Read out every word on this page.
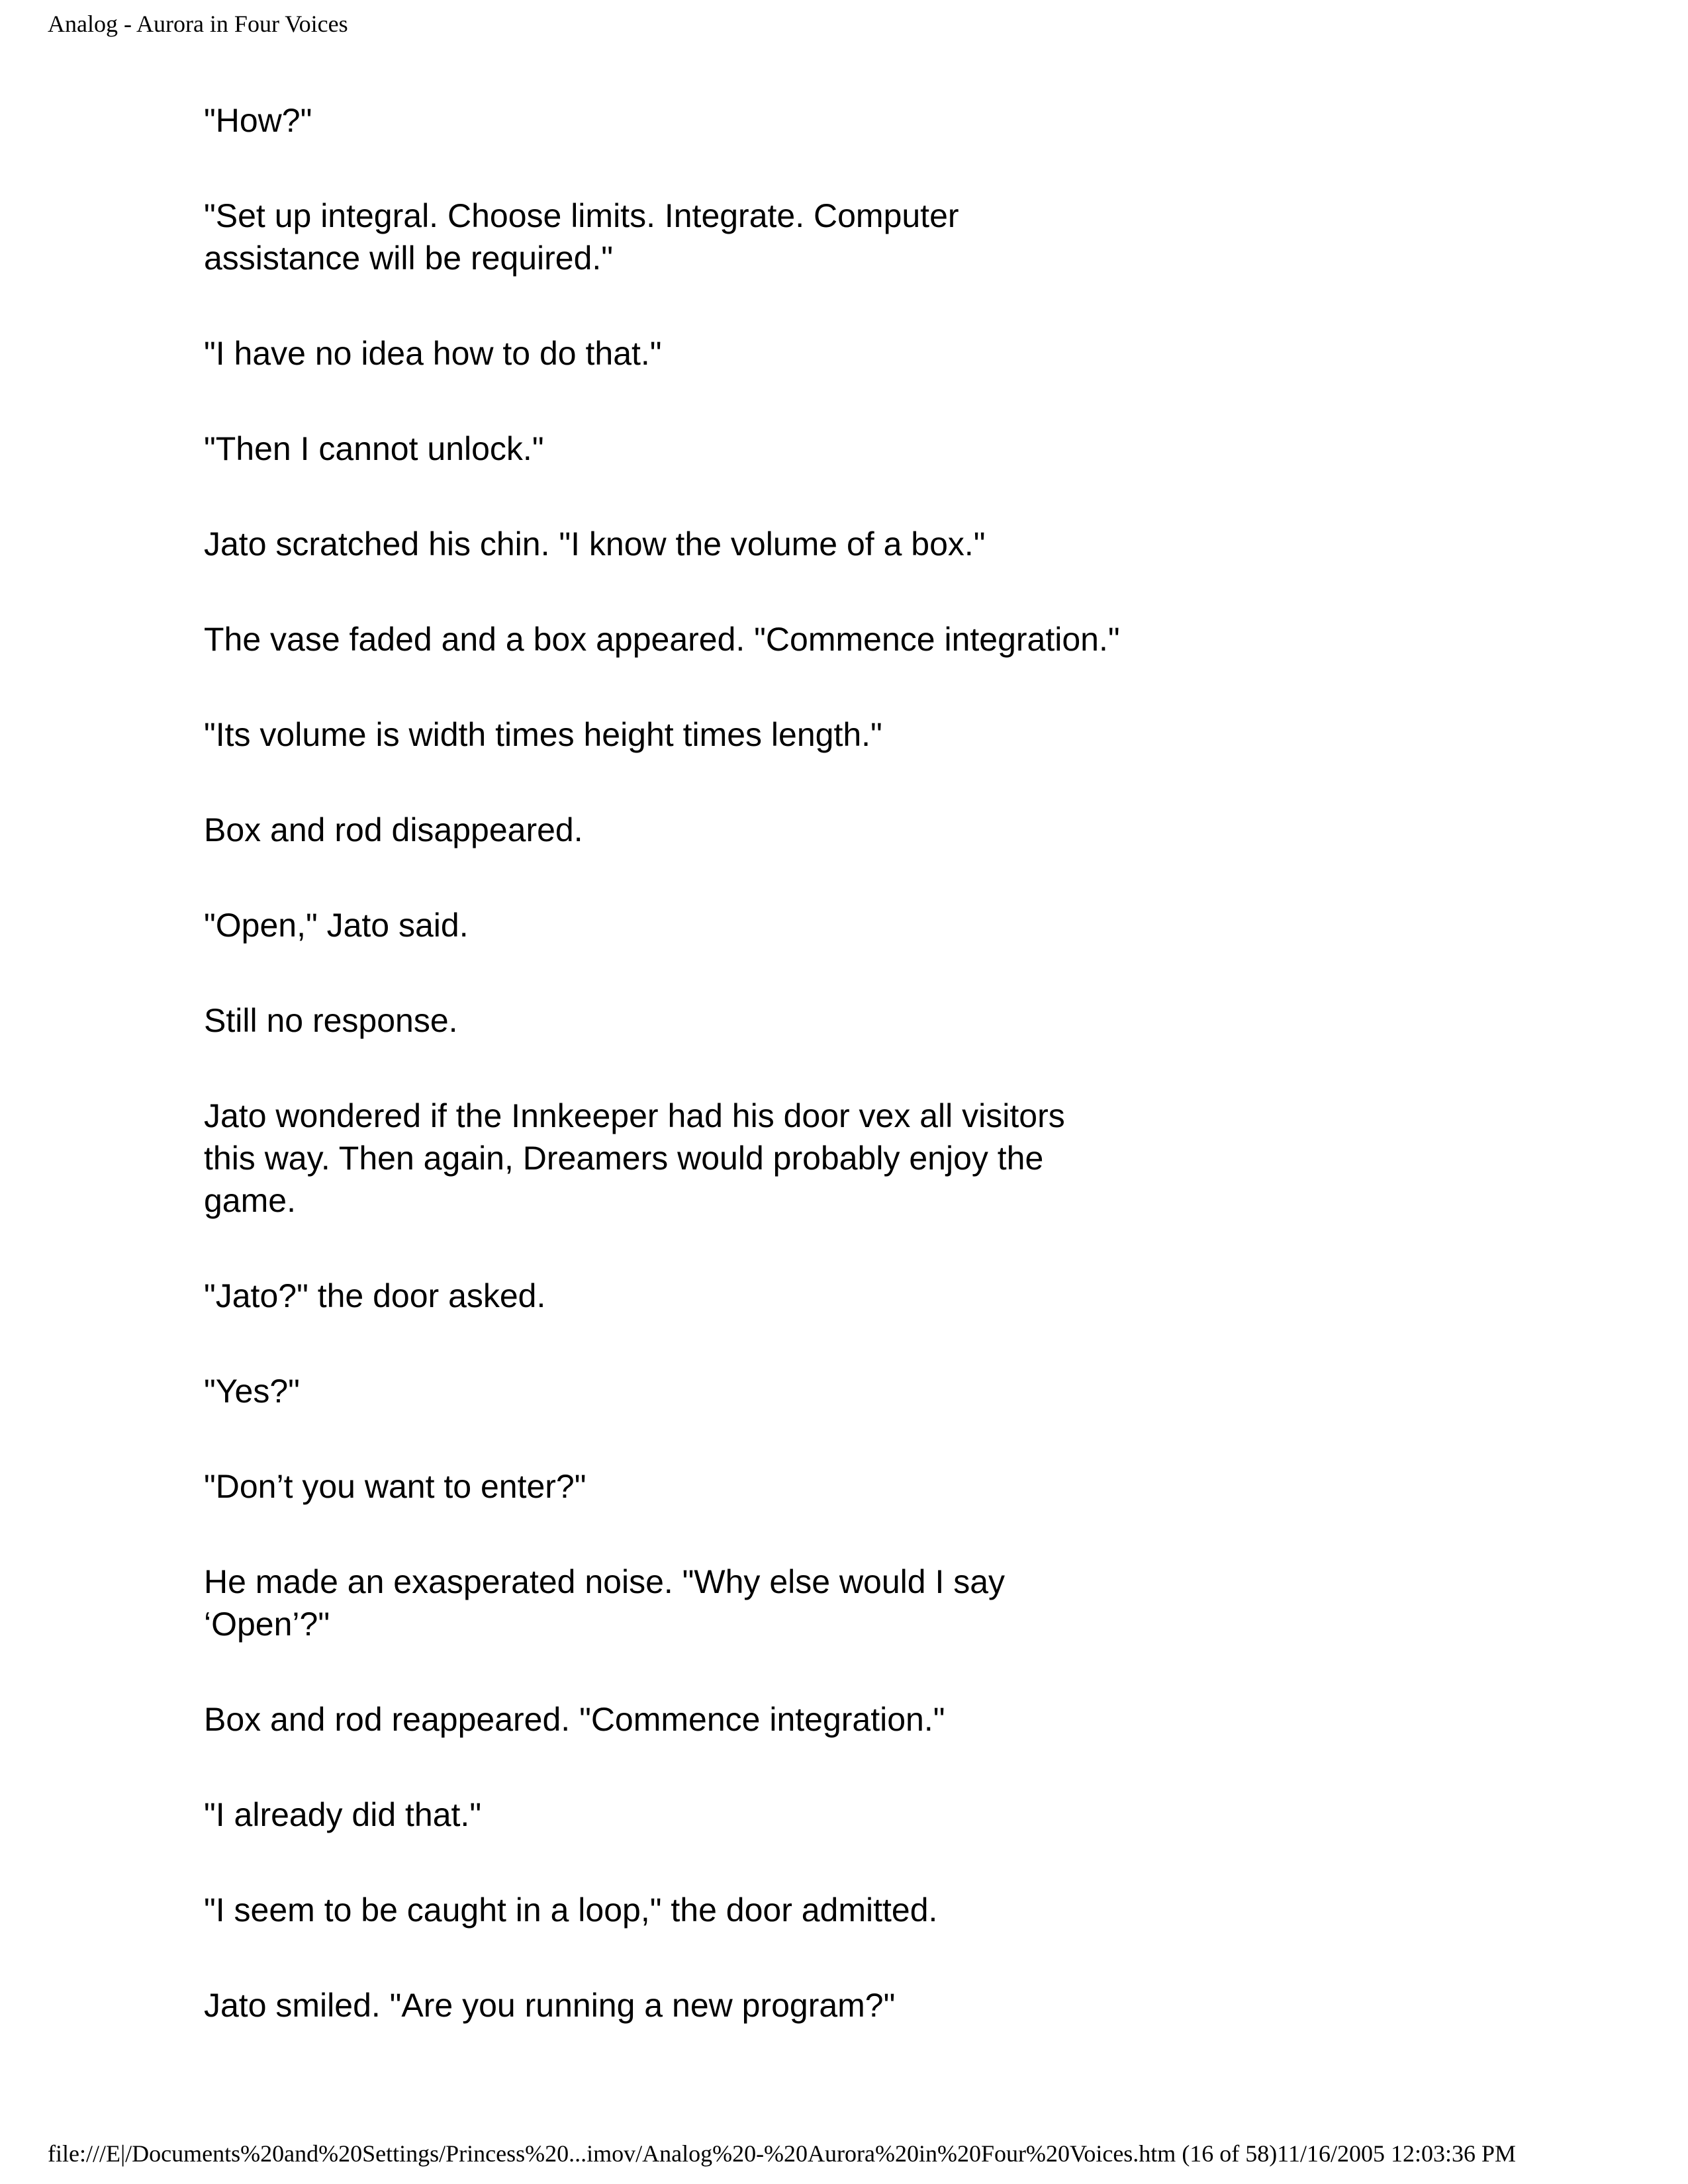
Analog - Aurora in Four Voices

"How?"

"Set up integral. Choose limits. Integrate. Computer
assistance will be required."

"I have no idea how to do that."

"Then I cannot unlock."

Jato scratched his chin. "I know the volume of a box."

The vase faded and a box appeared. "Commence integration."

"Its volume is width times height times length."

Box and rod disappeared.

"Open," Jato said.

Still no response.

Jato wondered if the Innkeeper had his door vex all visitors
this way. Then again, Dreamers would probably enjoy the
game.

"Jato?" the door asked.

"Yes?"

"Don’t you want to enter?"

He made an exasperated noise. "Why else would I say
‘Open’?"

Box and rod reappeared. "Commence integration."

"I already did that."

"I seem to be caught in a loop," the door admitted.

Jato smiled. "Are you running a new program?"

file:///E|/Documents%20and%20Settings/Princess%20...imov/Analog%20-%20Aurora%20in%20Four%20Voices.htm (16 of 58)11/16/2005 12:03:36 PM
